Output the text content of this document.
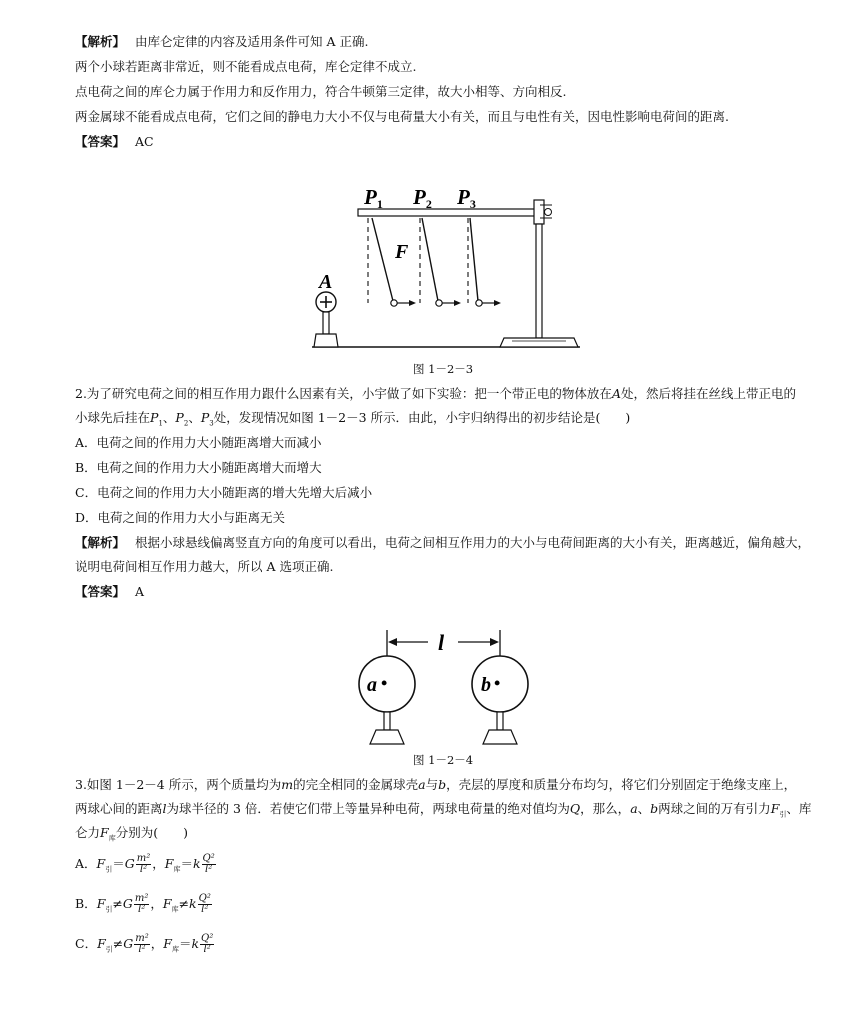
【解析】 由库仑定律的内容及适用条件可知 A 正确.
两个小球若距离非常近，则不能看成点电荷，库仑定律不成立.
点电荷之间的库仑力属于作用力和反作用力，符合牛顿第三定律，故大小相等、方向相反.
两金属球不能看成点电荷，它们之间的静电力大小不仅与电荷量大小有关，而且与电性有关，因电性影响电荷间的距离.
【答案】 AC
P1 P2 P3
F
A
图 1－2－3
2.为了研究电荷之间的相互作用力跟什么因素有关，小宇做了如下实验：把一个带正电的物体放在A处，然后将挂在丝线上带正电的
小球先后挂在$P_1$、$P_2$、$P_3$处，发现情况如图 1－2－3 所示．由此，小宇归纳得出的初步结论是(　　)
A．电荷之间的作用力大小随距离增大而减小
B．电荷之间的作用力大小随距离增大而增大
C．电荷之间的作用力大小随距离的增大先增大后减小
D．电荷之间的作用力大小与距离无关
【解析】 根据小球悬线偏离竖直方向的角度可以看出，电荷之间相互作用力的大小与电荷间距离的大小有关，距离越近，偏角越大，
说明电荷间相互作用力越大，所以 A 选项正确.
【答案】 A
l
a •	b •
图 1－2－4
3.如图 1－2－4 所示，两个质量均为m的完全相同的金属球壳a与b，壳层的厚度和质量分布均匀，将它们分别固定于绝缘支座上，
两球心间的距离l为球半径的 3 倍．若使它们带上等量异种电荷，两球电荷量的绝对值均为Q，那么，a、b两球之间的万有引力$F_引$、库
仑力$F_库$分别为(　　)
A．$F_引=G \frac{\text{m²}}{\text{l²}}$ ，$F_库=k \frac{\text{Q²}}{\text{l²}}$
B．$F_引\ne G \frac{\text{m²}}{\text{l²}}$ ，$F_库\ne k \frac{\text{Q²}}{\text{l²}}$
C．$F_引\ne G \frac{\text{m²}}{\text{l²}}$ ，$F_库=k \frac{\text{Q²}}{\text{l²}}$
